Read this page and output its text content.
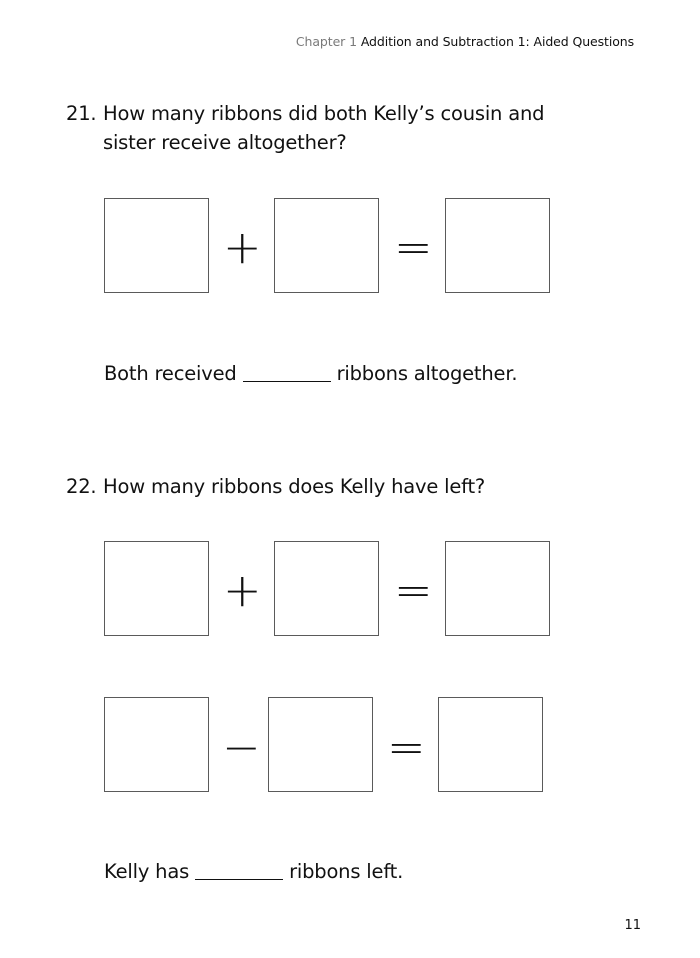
Chapter 1 Addition and Subtraction 1: Aided Questions
21. How many ribbons did both Kelly’s cousin and sister receive altogether?
+	=
Both received	ribbons altogether.
22. How many ribbons does Kelly have left?
+	=
−	=
Kelly has	ribbons left.
11
